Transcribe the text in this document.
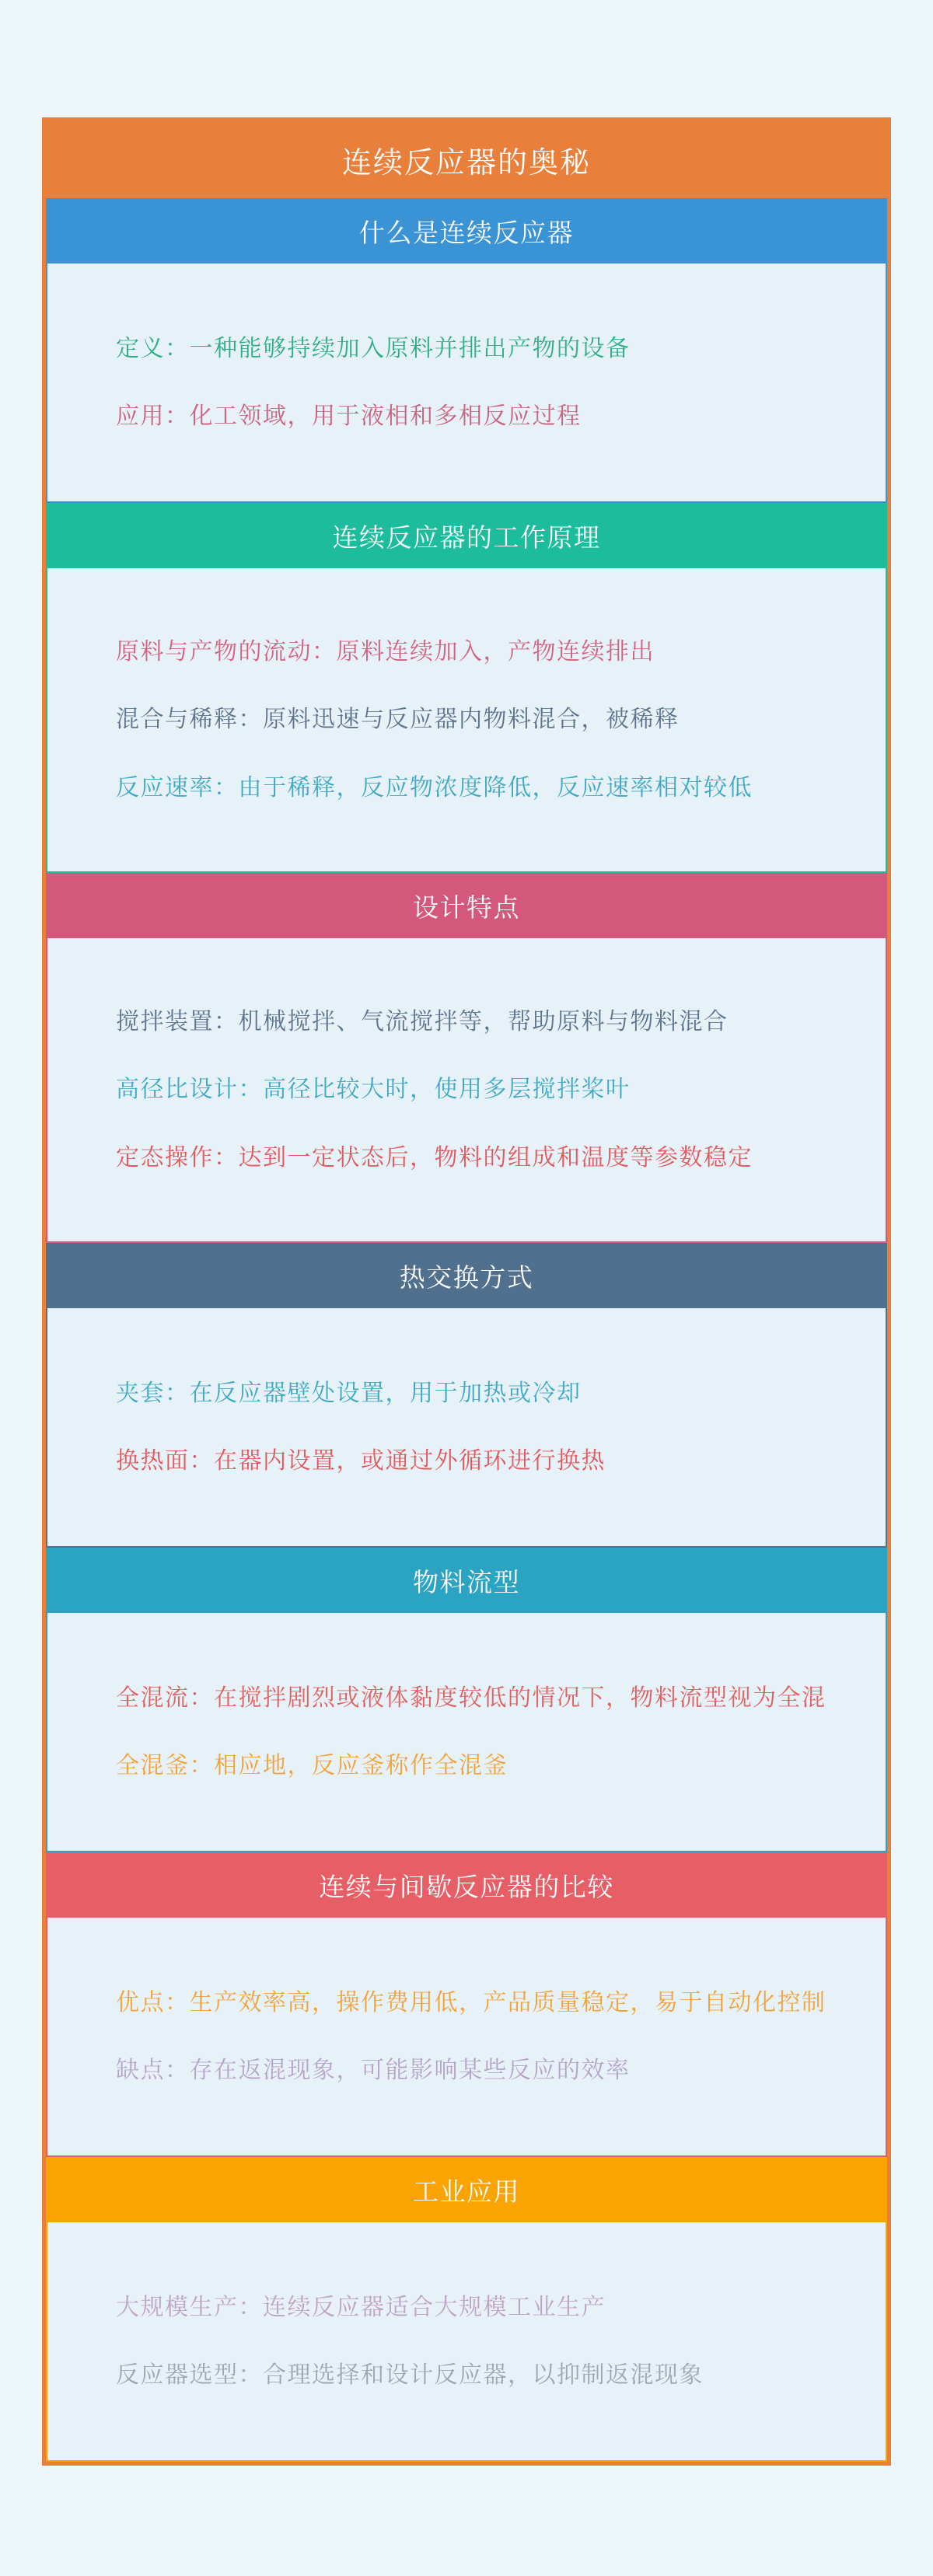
连续反应器的奥秘
什么是连续反应器

定义：一种能够持续加入原料并排出产物的设备

应用：化工领域，用于液相和多相反应过程

连续反应器的工作原理

原料与产物的流动：原料连续加入，产物连续排出

混合与稀释：原料迅速与反应器内物料混合，被稀释

反应速率：由于稀释，反应物浓度降低，反应速率相对较低

设计特点

搅拌装置：机械搅拌、气流搅拌等，帮助原料与物料混合

高径比设计：高径比较大时，使用多层搅拌桨叶

定态操作：达到一定状态后，物料的组成和温度等参数稳定

热交换方式

夹套：在反应器壁处设置，用于加热或冷却

换热面：在器内设置，或通过外循环进行换热

物料流型

全混流：在搅拌剧烈或液体黏度较低的情况下，物料流型视为全混

全混釜：相应地，反应釜称作全混釜

连续与间歇反应器的比较

优点：生产效率高，操作费用低，产品质量稳定，易于自动化控制

缺点：存在返混现象，可能影响某些反应的效率

工业应用

大规模生产：连续反应器适合大规模工业生产

反应器选型：合理选择和设计反应器，以抑制返混现象
